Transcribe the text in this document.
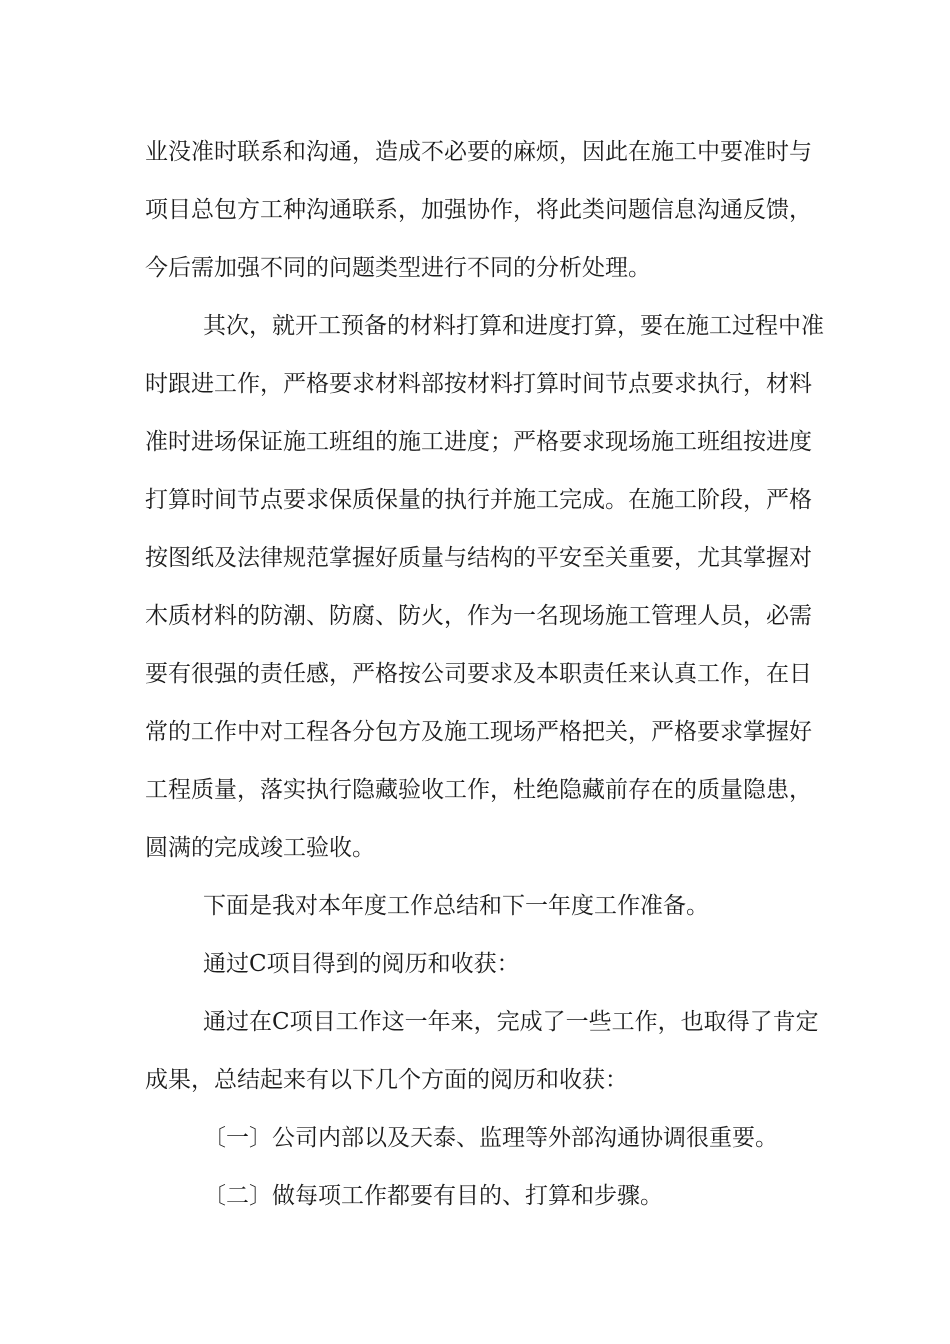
业没准时联系和沟通，造成不必要的麻烦，因此在施工中要准时与
项目总包方工种沟通联系，加强协作，将此类问题信息沟通反馈，
今后需加强不同的问题类型进行不同的分析处理。
其次，就开工预备的材料打算和进度打算，要在施工过程中准
时跟进工作，严格要求材料部按材料打算时间节点要求执行，材料
准时进场保证施工班组的施工进度；严格要求现场施工班组按进度
打算时间节点要求保质保量的执行并施工完成。在施工阶段，严格
按图纸及法律规范掌握好质量与结构的平安至关重要，尤其掌握对
木质材料的防潮、防腐、防火，作为一名现场施工管理人员，必需
要有很强的责任感，严格按公司要求及本职责任来认真工作，在日
常的工作中对工程各分包方及施工现场严格把关，严格要求掌握好
工程质量，落实执行隐藏验收工作，杜绝隐藏前存在的质量隐患，
圆满的完成竣工验收。
下面是我对本年度工作总结和下一年度工作准备。
通过C项目得到的阅历和收获：
通过在C项目工作这一年来，完成了一些工作，也取得了肯定
成果，总结起来有以下几个方面的阅历和收获：
〔一〕公司内部以及天泰、监理等外部沟通协调很重要。
〔二〕做每项工作都要有目的、打算和步骤。
